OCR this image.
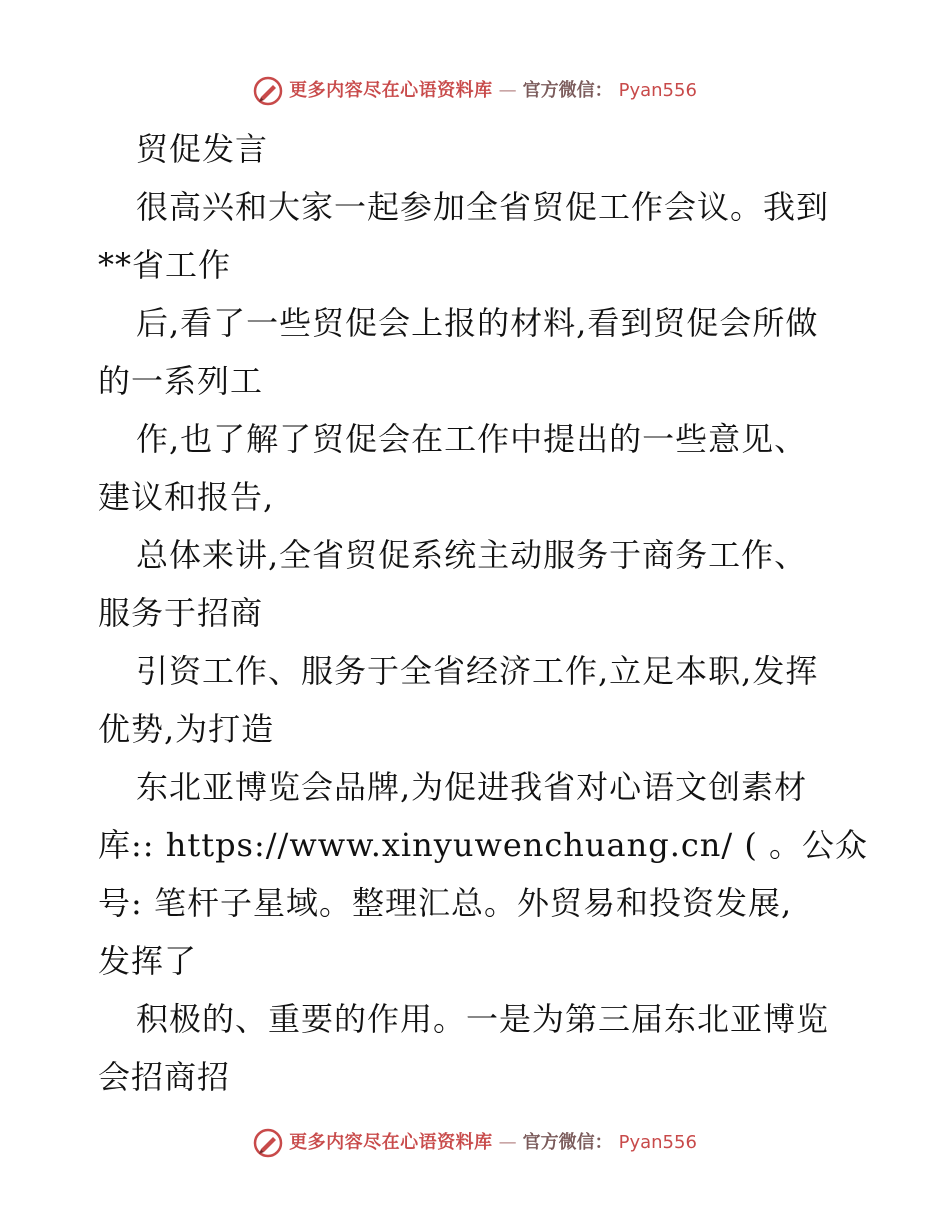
更多内容尽在心语资料库 — 官方微信： Pyan556

贸促发言

很高兴和大家一起参加全省贸促工作会议。我到

**省工作

后,看了一些贸促会上报的材料,看到贸促会所做

的一系列工

作,也了解了贸促会在工作中提出的一些意见、

建议和报告,

总体来讲,全省贸促系统主动服务于商务工作、

服务于招商

引资工作、服务于全省经济工作,立足本职,发挥

优势,为打造

东北亚博览会品牌,为促进我省对心语文创素材

库:: https://www.xinyuwenchuang.cn/ ( 。公众

号: 笔杆子星域。整理汇总。外贸易和投资发展,

发挥了

积极的、重要的作用。一是为第三届东北亚博览

会招商招

更多内容尽在心语资料库 — 官方微信： Pyan556
